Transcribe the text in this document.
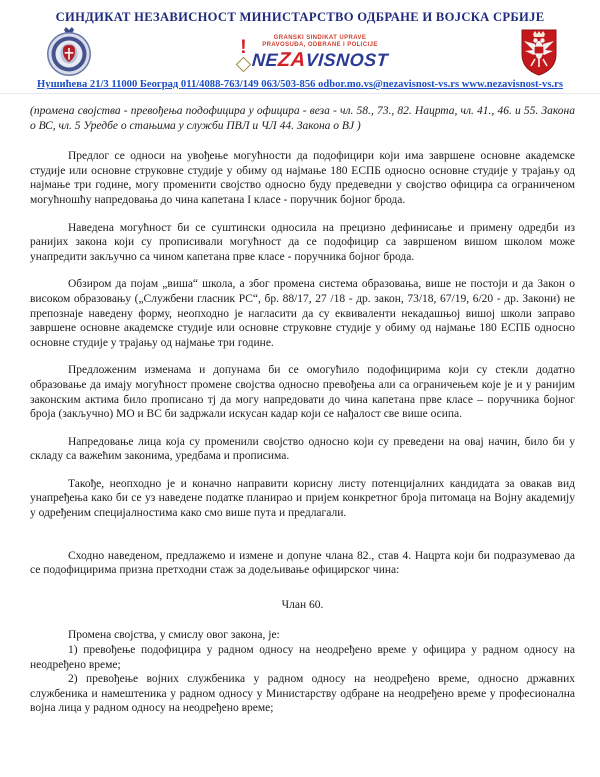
СИНДИКАТ НЕЗАВИСНОСТ МИНИСТАРСТВО ОДБРАНЕ И ВОЈСКА СРБИЈЕ
!	GRANSKI SINDIKAT UPRAVE
PRAVOSUĐA, ODBRANE I POLICIJE
NEZAVISNOST
Нушићева 21/3 11000 Београд 011/4088-763/149 063/503-856 odbor.mo.vs@nezavisnost-vs.rs www.nezavisnost-vs.rs

(промена својства - превођења подофицира у официра - веза - чл. 58., 73., 82. Нацрта, чл. 41., 46. и 55. Закона о ВС, чл. 5 Уредбе о стањима у служби ПВЛ и ЧЛ 44. Закона о ВЈ )

Предлог се односи на увођење могућности да подофицири који има завршене основне академске студије или основне струковне студије у обиму од најмање 180 ЕСПБ односно основне студије у трајању од најмање три године, могу променити својство односно буду предеведни у својство официра са ограниченом могућношћу напредовања до чина капетана I класе - поручник бојног брода.

Наведена могућност би се суштински односила на прецизно дефинисање и примену одредби из ранијих закона који су прописивали могућност да се подофицир са завршеном вишом школом може унапредити закључно са чином капетана прве класе - поручника бојног брода.

Обзиром да појам „виша“ школа, а због промена система образовања, више не постоји и да Закон о високом образовању („Службени гласник РС“, бр. 88/17, 27 /18 - др. закон, 73/18, 67/19, 6/20 - др. Закони) не препознаје наведену форму, неопходно је нагласити да су еквиваленти некадашњој вишој школи заправо завршене основне академске студије или основне струковне студије у обиму од најмање 180 ЕСПБ односно основне студије у трајању од најмање три године.

Предложеним изменама и допунама би се омогућило подофицирима који су стекли додатно образовање да имају могућност промене својства односно превођења али са ограничењем које је и у ранијим законским актима било прописано тј да могу напредовати до чина капетана прве класе – поручника бојног броја (закључно) МО и ВС би задржали искусан кадар који се нађалост све више осипа.

Напредовање лица која су променили својство односно који су преведени на овај начин, било би у складу са важећим законима, уредбама и прописима.

Такође, неопходно је и коначно направити корисну листу потенцијалних кандидата за овакав вид унапређења како би се уз наведене податке планирао и пријем конкретног броја питомаца на Војну академију у одређеним специјалностима како смо више пута и предлагали.

Сходно наведеном, предлажемо и измене и допуне члана 82., став 4. Нацрта који би подразумевао да се подофицирима призна претходни стаж за додељивање официрског чина:

Члан 60.

Промена својства, у смислу овог закона, је:

1) превођење подофицира у радном односу на неодређено време у официра у радном односу на неодређено време;

2) превођење војних службеника у радном односу на неодређено време, односно државних службеника и намештеника у радном односу у Министарству одбране на неодређено време у професионална војна лица у радном односу на неодређено време;
